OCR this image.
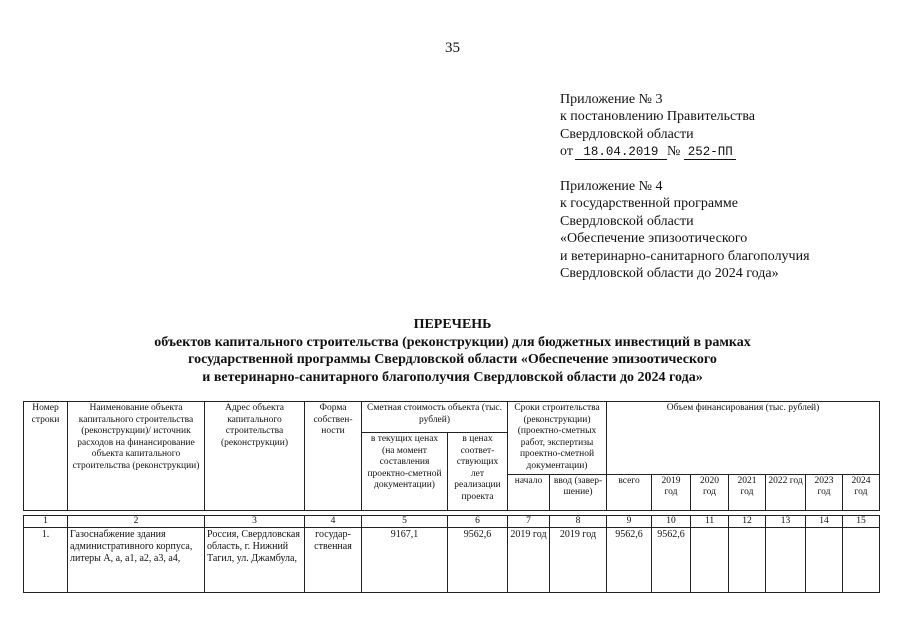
35
Приложение № 3
к постановлению Правительства
Свердловской области
от 18.04.2019 № 252-ПП
Приложение № 4
к государственной программе
Свердловской области
«Обеспечение эпизоотического
и ветеринарно-санитарного благополучия
Свердловской области до 2024 года»
ПЕРЕЧЕНЬ
объектов капитального строительства (реконструкции) для бюджетных инвестиций в рамках
государственной программы Свердловской области «Обеспечение эпизоотического
и ветеринарно-санитарного благополучия Свердловской области до 2024 года»
Номер строки	Наименование объекта капитального строительства (реконструкции)/ источник расходов на финансирование объекта капитального строительства (реконструкции)	Адрес объекта капитального строительства (реконструкции)	Форма собствен-ности	Сметная стоимость объекта (тыс. рублей)		Сроки строительства (реконструкции) (проектно-сметных работ, экспертизы проектно-сметной документации)		Объем финансирования (тыс. рублей)						
				в текущих ценах (на момент составления проектно-сметной документации)	в ценах соответ-ствующих лет реализации проекта									
						начало	ввод (завер-шение)	всего	2019 год	2020 год	2021 год	2022 год	2023 год	2024 год

1	2	3	4	5	6	7	8	9	10	11	12	13	14	15
1.	Газоснабжение здания административного корпуса, литеры А, а, а1, а2, а3, а4,	Россия, Свердловская область, г. Нижний Тагил, ул. Джамбула,	государ-ственная	9167,1	9562,6	2019 год	2019 год	9562,6	9562,6					
